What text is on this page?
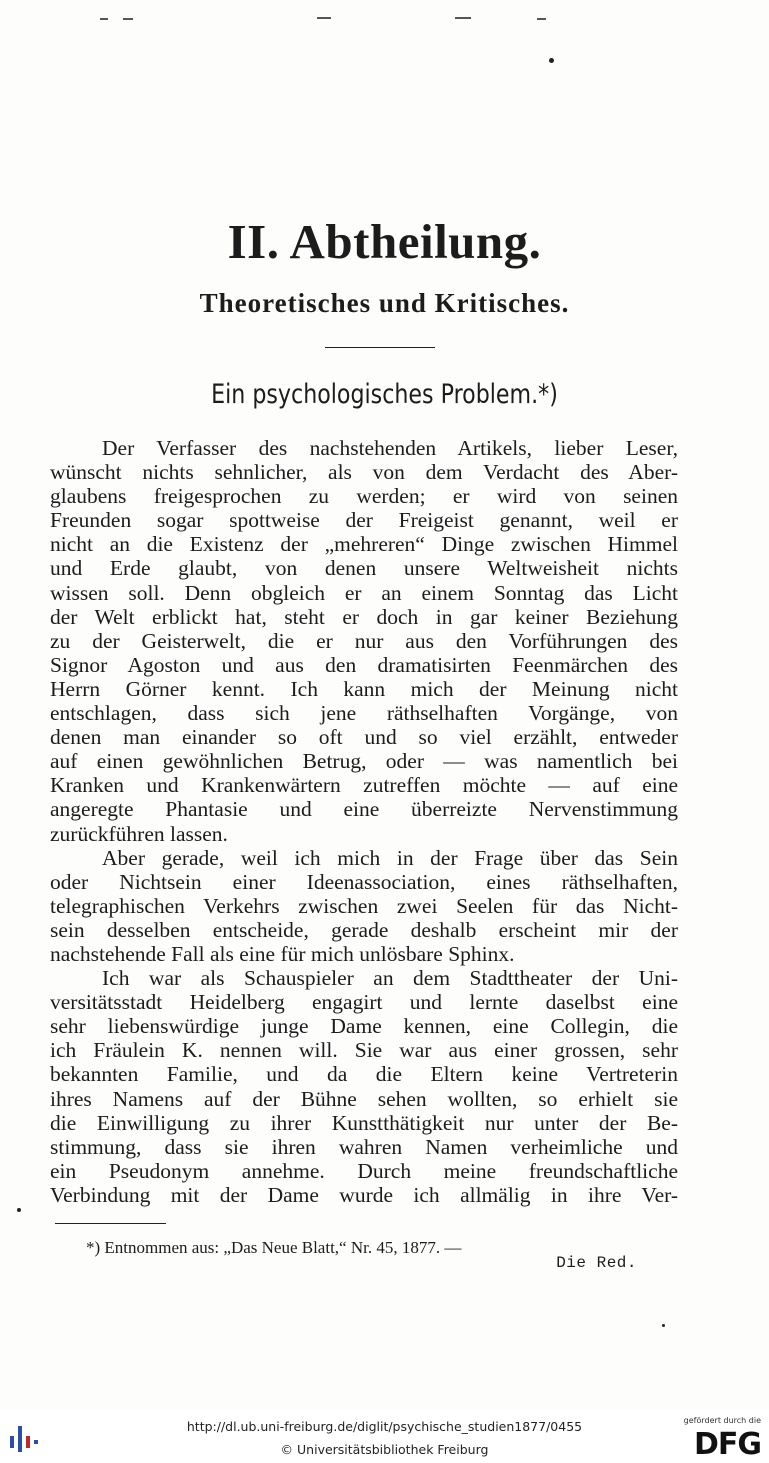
II. Abtheilung.
Theoretisches und Kritisches.
Ein psychologisches Problem.*)
Der Verfasser des nachstehenden Artikels, lieber Leser,
wünscht nichts sehnlicher, als von dem Verdacht des Aber-
glaubens freigesprochen zu werden; er wird von seinen
Freunden sogar spottweise der Freigeist genannt, weil er
nicht an die Existenz der „mehreren“ Dinge zwischen Himmel
und Erde glaubt, von denen unsere Weltweisheit nichts
wissen soll. Denn obgleich er an einem Sonntag das Licht
der Welt erblickt hat, steht er doch in gar keiner Beziehung
zu der Geisterwelt, die er nur aus den Vorführungen des
Signor Agoston und aus den dramatisirten Feenmärchen des
Herrn Görner kennt. Ich kann mich der Meinung nicht
entschlagen, dass sich jene räthselhaften Vorgänge, von
denen man einander so oft und so viel erzählt, entweder
auf einen gewöhnlichen Betrug, oder — was namentlich bei
Kranken und Krankenwärtern zutreffen möchte — auf eine
angeregte Phantasie und eine überreizte Nervenstimmung
zurückführen lassen.
Aber gerade, weil ich mich in der Frage über das Sein
oder Nichtsein einer Ideenassociation, eines räthselhaften,
telegraphischen Verkehrs zwischen zwei Seelen für das Nicht-
sein desselben entscheide, gerade deshalb erscheint mir der
nachstehende Fall als eine für mich unlösbare Sphinx.
Ich war als Schauspieler an dem Stadttheater der Uni-
versitätsstadt Heidelberg engagirt und lernte daselbst eine
sehr liebenswürdige junge Dame kennen, eine Collegin, die
ich Fräulein K. nennen will. Sie war aus einer grossen, sehr
bekannten Familie, und da die Eltern keine Vertreterin
ihres Namens auf der Bühne sehen wollten, so erhielt sie
die Einwilligung zu ihrer Kunstthätigkeit nur unter der Be-
stimmung, dass sie ihren wahren Namen verheimliche und
ein Pseudonym annehme. Durch meine freundschaftliche
Verbindung mit der Dame wurde ich allmälig in ihre Ver-
*) Entnommen aus: „Das Neue Blatt,“ Nr. 45, 1877. —
Die Red.
http://dl.ub.uni-freiburg.de/diglit/psychische_studien1877/0455
© Universitätsbibliothek Freiburg
gefördert durch die
DFG
